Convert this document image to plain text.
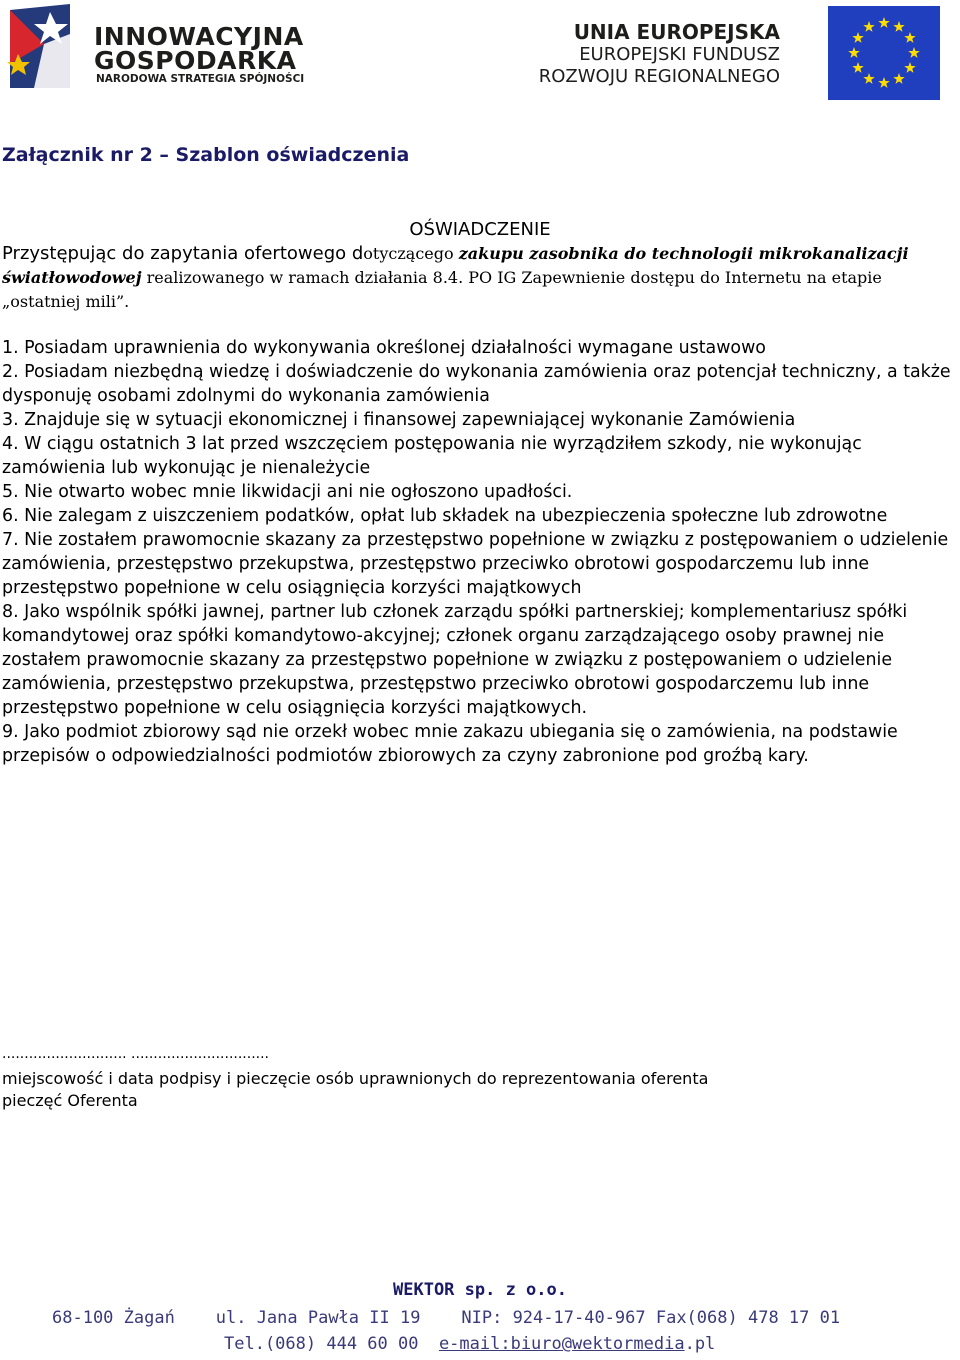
INNOWACYJNA
GOSPODARKA
NARODOWA STRATEGIA SPÓJNOŚCI
UNIA EUROPEJSKA
EUROPEJSKI FUNDUSZ
ROZWOJU REGIONALNEGO
Załącznik nr 2 – Szablon oświadczenia
OŚWIADCZENIE
Przystępując do zapytania ofertowego dotyczącego zakupu zasobnika do technologii mikrokanalizacji światłowodowej realizowanego w ramach działania 8.4. PO IG Zapewnienie dostępu do Internetu na etapie „ostatniej mili”.

1. Posiadam uprawnienia do wykonywania określonej działalności wymagane ustawowo

2. Posiadam niezbędną wiedzę i doświadczenie do wykonania zamówienia oraz potencjał techniczny, a także dysponuję osobami zdolnymi do wykonania zamówienia

3. Znajduje się w sytuacji ekonomicznej i finansowej zapewniającej wykonanie Zamówienia

4. W ciągu ostatnich 3 lat przed wszczęciem postępowania nie wyrządziłem szkody, nie wykonując zamówienia lub wykonując je nienależycie

5. Nie otwarto wobec mnie likwidacji ani nie ogłoszono upadłości.

6. Nie zalegam z uiszczeniem podatków, opłat lub składek na ubezpieczenia społeczne lub zdrowotne

7. Nie zostałem prawomocnie skazany za przestępstwo popełnione w związku z postępowaniem o udzielenie zamówienia, przestępstwo przekupstwa, przestępstwo przeciwko obrotowi gospodarczemu lub inne przestępstwo popełnione w celu osiągnięcia korzyści majątkowych

8. Jako wspólnik spółki jawnej, partner lub członek zarządu spółki partnerskiej; komplementariusz spółki komandytowej oraz spółki komandytowo-akcyjnej; członek organu zarządzającego osoby prawnej nie zostałem prawomocnie skazany za przestępstwo popełnione w związku z postępowaniem o udzielenie zamówienia, przestępstwo przekupstwa, przestępstwo przeciwko obrotowi gospodarczemu lub inne przestępstwo popełnione w celu osiągnięcia korzyści majątkowych.

9. Jako podmiot zbiorowy sąd nie orzekł wobec mnie zakazu ubiegania się o zamówienia, na podstawie przepisów o odpowiedzialności podmiotów zbiorowych za czyny zabronione pod groźbą kary.

............................ ...............................
miejscowość i data podpisy i pieczęcie osób uprawnionych do reprezentowania oferenta
pieczęć Oferenta
WEKTOR sp. z o.o.
68-100 Żagań    ul. Jana Pawła II 19    NIP: 924-17-40-967 Fax(068) 478 17 01
Tel.(068) 444 60 00  e-mail:biuro@wektormedia.pl
